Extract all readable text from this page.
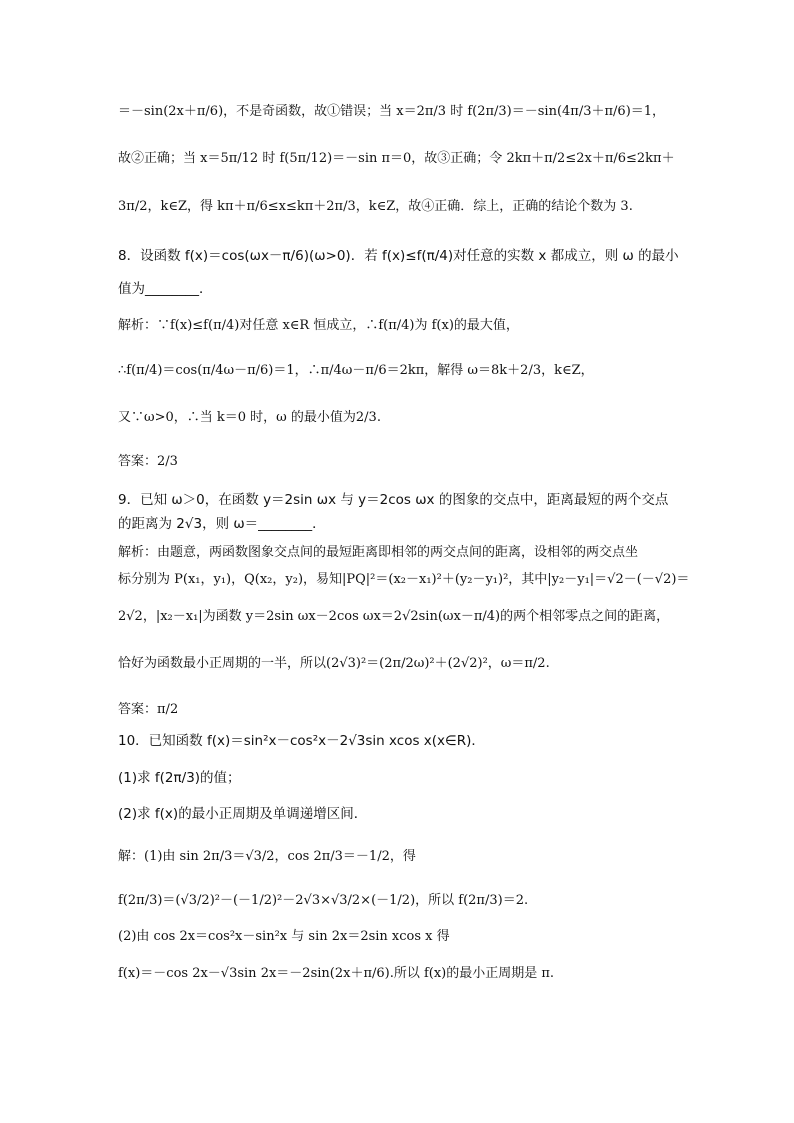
＝－sin(2x＋π/6)，不是奇函数，故①错误；当 x＝2π/3 时 f(2π/3)＝－sin(4π/3＋π/6)＝1，
故②正确；当 x＝5π/12 时 f(5π/12)＝－sin π＝0，故③正确；令 2kπ＋π/2≤2x＋π/6≤2kπ＋
3π/2，k∈Z，得 kπ＋π/6≤x≤kπ＋2π/3，k∈Z，故④正确．综上，正确的结论个数为 3.
8．设函数 f(x)＝cos(ωx－π/6)(ω>0)．若 f(x)≤f(π/4)对任意的实数 x 都成立，则 ω 的最小
值为________．
解析：∵f(x)≤f(π/4)对任意 x∈R 恒成立，∴f(π/4)为 f(x)的最大值，
∴f(π/4)＝cos(π/4ω－π/6)＝1，∴π/4ω－π/6＝2kπ，解得 ω＝8k＋2/3，k∈Z，
又∵ω>0，∴当 k＝0 时，ω 的最小值为2/3.
答案：2/3
9．已知 ω＞0，在函数 y＝2sin ωx 与 y＝2cos ωx 的图象的交点中，距离最短的两个交点
的距离为 2√3，则 ω＝________．
解析：由题意，两函数图象交点间的最短距离即相邻的两交点间的距离，设相邻的两交点坐
标分别为 P(x₁，y₁)，Q(x₂，y₂)，易知|PQ|²＝(x₂－x₁)²＋(y₂－y₁)²，其中|y₂－y₁|＝√2－(－√2)＝
2√2，|x₂－x₁|为函数 y＝2sin ωx－2cos ωx＝2√2sin(ωx－π/4)的两个相邻零点之间的距离，
恰好为函数最小正周期的一半，所以(2√3)²＝(2π/2ω)²＋(2√2)²，ω＝π/2.
答案：π/2
10．已知函数 f(x)＝sin²x－cos²x－2√3sin xcos x(x∈R)．
(1)求 f(2π/3)的值；
(2)求 f(x)的最小正周期及单调递增区间．
解：(1)由 sin 2π/3＝√3/2，cos 2π/3＝－1/2，得
f(2π/3)＝(√3/2)²－(－1/2)²－2√3×√3/2×(－1/2)，所以 f(2π/3)＝2.
(2)由 cos 2x＝cos²x－sin²x 与 sin 2x＝2sin xcos x 得
f(x)＝－cos 2x－√3sin 2x＝－2sin(2x＋π/6).所以 f(x)的最小正周期是 π.
